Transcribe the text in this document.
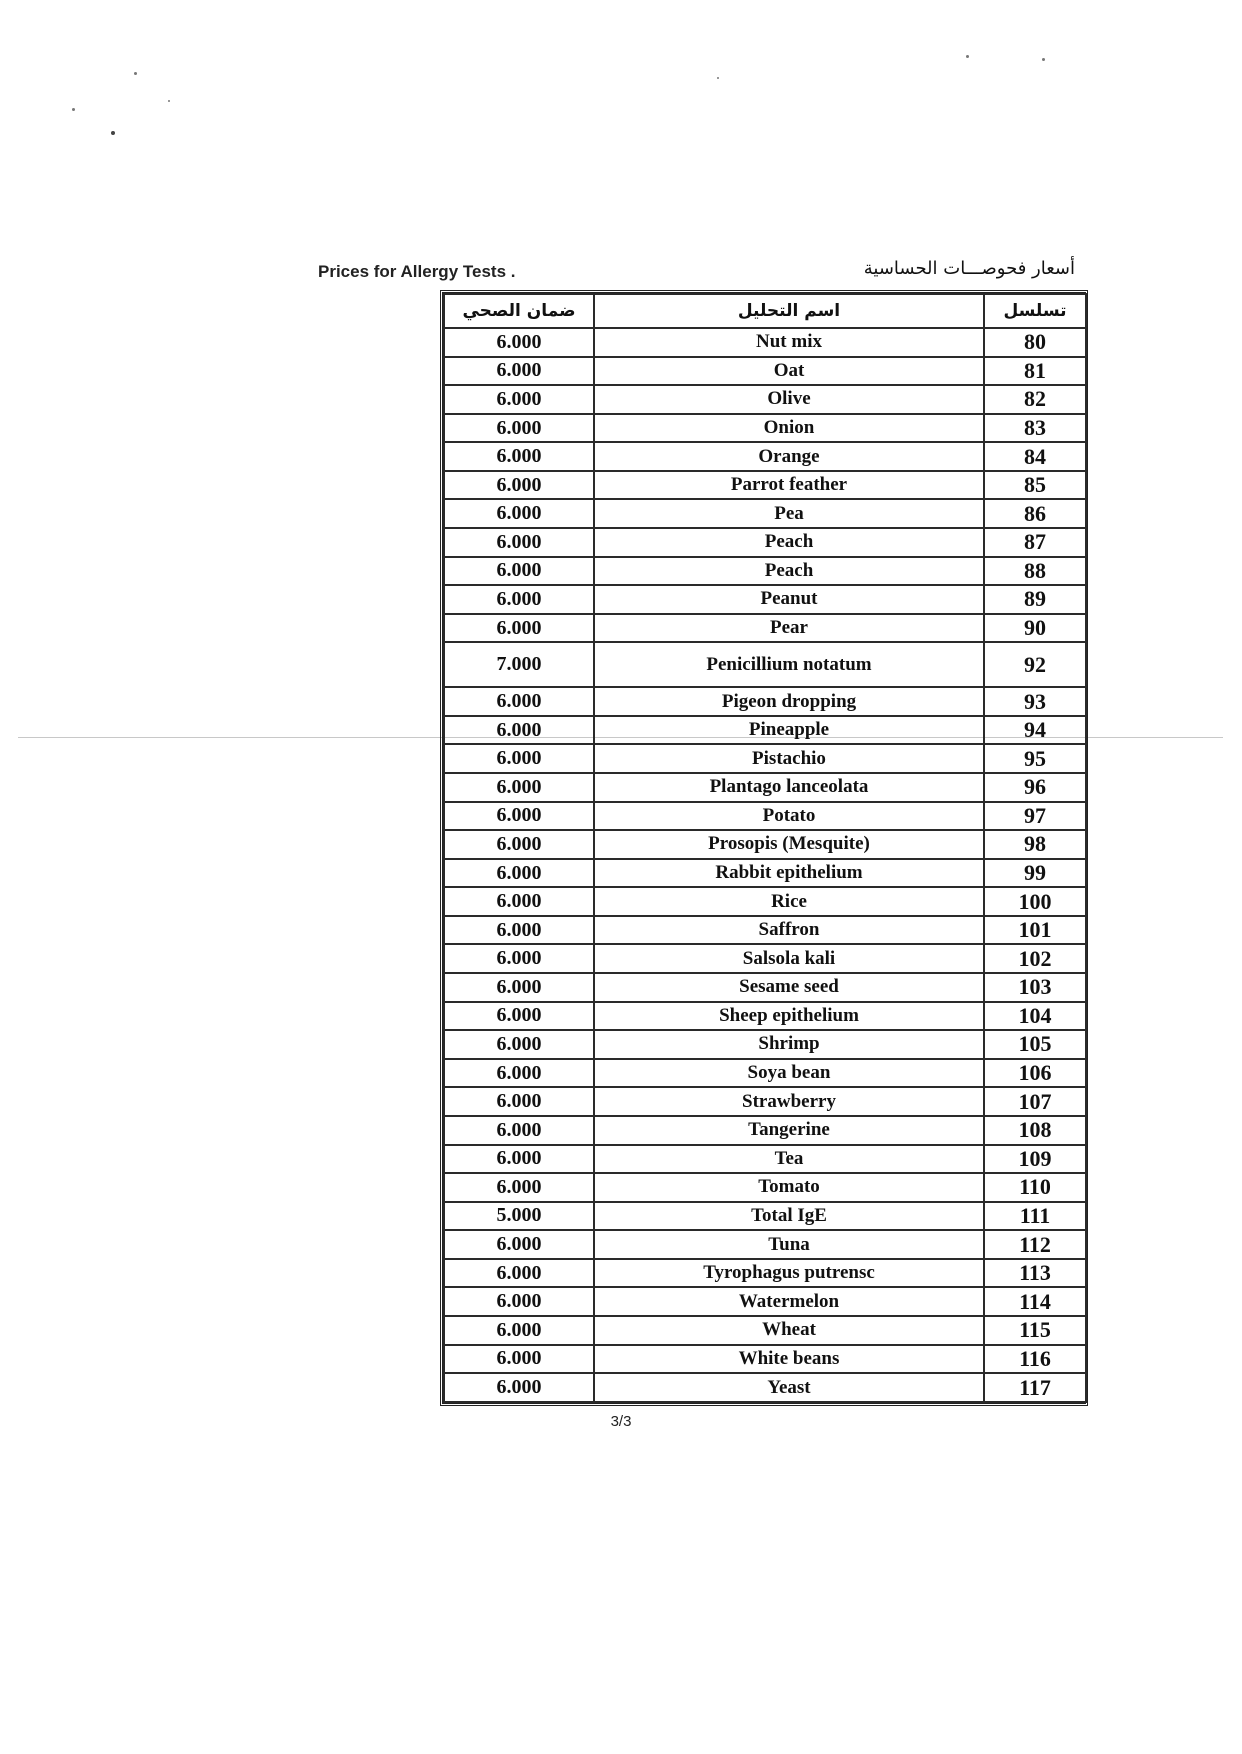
Prices for Allergy Tests .	أسعار فحوصـــات الحساسية
ضمان الصحي	اسم التحليل	تسلسل
6.000	Nut mix	80
6.000	Oat	81
6.000	Olive	82
6.000	Onion	83
6.000	Orange	84
6.000	Parrot feather	85
6.000	Pea	86
6.000	Peach	87
6.000	Peach	88
6.000	Peanut	89
6.000	Pear	90
7.000	Penicillium notatum	92
6.000	Pigeon dropping	93
6.000	Pineapple	94
6.000	Pistachio	95
6.000	Plantago lanceolata	96
6.000	Potato	97
6.000	Prosopis (Mesquite)	98
6.000	Rabbit epithelium	99
6.000	Rice	100
6.000	Saffron	101
6.000	Salsola kali	102
6.000	Sesame seed	103
6.000	Sheep epithelium	104
6.000	Shrimp	105
6.000	Soya bean	106
6.000	Strawberry	107
6.000	Tangerine	108
6.000	Tea	109
6.000	Tomato	110
5.000	Total IgE	111
6.000	Tuna	112
6.000	Tyrophagus putrensc	113
6.000	Watermelon	114
6.000	Wheat	115
6.000	White beans	116
6.000	Yeast	117
3/3
